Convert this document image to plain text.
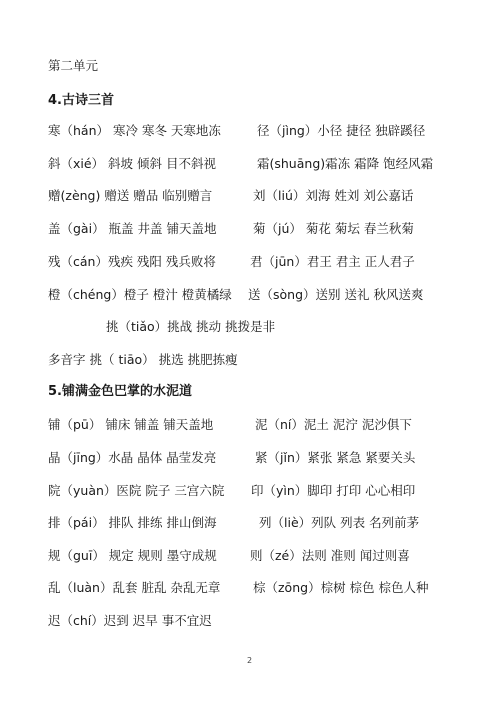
第二单元
4.古诗三首
寒（hán） 寒冷 寒冬 天寒地冻	径（jìng）小径 捷径 独辟蹊径
斜（xié） 斜坡 倾斜 目不斜视	霜(shuāng)霜冻 霜降 饱经风霜
赠(zèng) 赠送 赠品 临别赠言	刘（liú）刘海 姓刘 刘公嘉话
盖（gài） 瓶盖 井盖 铺天盖地	菊（jú） 菊花 菊坛 春兰秋菊
残（cán）残疾 残阳 残兵败将	君（jūn）君王 君主 正人君子
橙（chéng）橙子 橙汁 橙黄橘绿 送（sòng）送别 送礼 秋风送爽
挑（tiǎo）挑战 挑动 挑拨是非
多音字 挑（ tiāo） 挑选 挑肥拣瘦
5.铺满金色巴掌的水泥道
铺（pū） 铺床 铺盖 铺天盖地	泥（ní）泥土 泥泞 泥沙俱下
晶（jīng）水晶 晶体 晶莹发亮	紧（jǐn）紧张 紧急 紧要关头
院（yuàn）医院 院子 三宫六院 印（yìn）脚印 打印 心心相印
排（pái） 排队 排练 排山倒海	列（liè）列队 列表 名列前茅
规（guī） 规定 规则 墨守成规	则（zé）法则 准则 闻过则喜
乱（luàn）乱套 脏乱 杂乱无章	棕（zōng）棕树 棕色 棕色人种
迟（chí）迟到 迟早 事不宜迟
2
